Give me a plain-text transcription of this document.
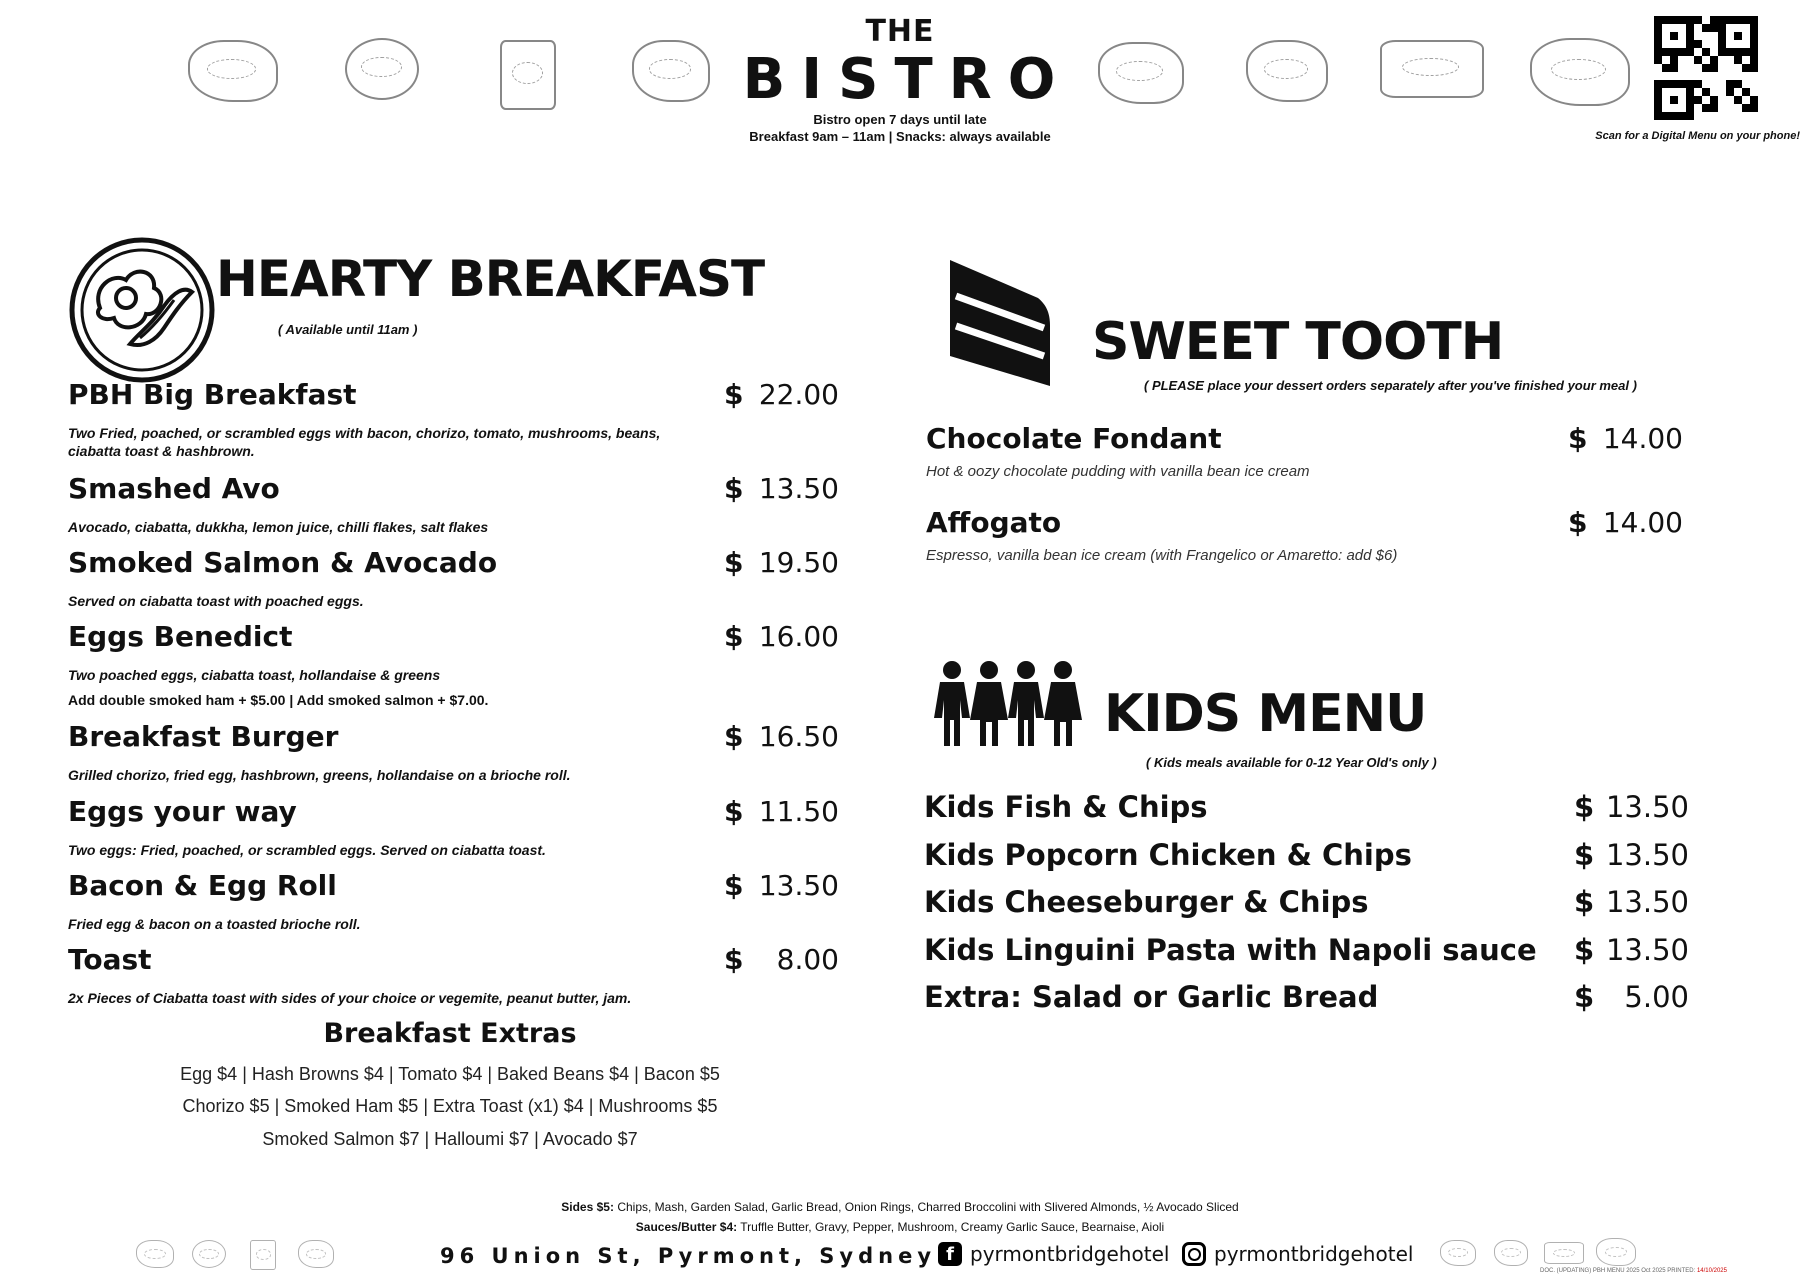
THE
BISTRO
Bistro open 7 days until late
Breakfast 9am – 11am | Snacks: always available	Scan for a Digital Menu on your phone!
HEARTY BREAKFAST
( Available until 11am )
PBH Big Breakfast	$ 22.00
Two Fried, poached, or scrambled eggs with bacon, chorizo, tomato, mushrooms, beans,
ciabatta toast & hashbrown.
Smashed Avo	$ 13.50
Avocado, ciabatta, dukkha, lemon juice, chilli flakes, salt flakes
Smoked Salmon & Avocado	$ 19.50
Served on ciabatta toast with poached eggs.
Eggs Benedict	$ 16.00
Two poached eggs, ciabatta toast, hollandaise & greens
Add double smoked ham + $5.00 | Add smoked salmon + $7.00.
Breakfast Burger	$ 16.50
Grilled chorizo, fried egg, hashbrown, greens, hollandaise on a brioche roll.
Eggs your way	$ 11.50
Two eggs: Fried, poached, or scrambled eggs. Served on ciabatta toast.
Bacon & Egg Roll	$ 13.50
Fried egg & bacon on a toasted brioche roll.
Toast	$ 8.00
2x Pieces of Ciabatta toast with sides of your choice or vegemite, peanut butter, jam.
Breakfast Extras
Egg $4 | Hash Browns $4 | Tomato $4 | Baked Beans $4 | Bacon $5
Chorizo $5 | Smoked Ham $5 | Extra Toast (x1) $4 | Mushrooms $5
Smoked Salmon $7 | Halloumi $7 | Avocado $7
SWEET TOOTH
( PLEASE place your dessert orders separately after you've finished your meal )
Chocolate Fondant	$ 14.00
Hot & oozy chocolate pudding with vanilla bean ice cream
Affogato	$ 14.00
Espresso, vanilla bean ice cream (with Frangelico or Amaretto: add $6)
KIDS MENU
( Kids meals available for 0-12 Year Old's only )
Kids Fish & Chips	$ 13.50
Kids Popcorn Chicken & Chips	$ 13.50
Kids Cheeseburger & Chips	$ 13.50
Kids Linguini Pasta with Napoli sauce $ 13.50
Extra: Salad or Garlic Bread	$ 5.00
Sides $5: Chips, Mash, Garden Salad, Garlic Bread, Onion Rings, Charred Broccolini with Slivered Almonds, ½ Avocado Sliced
Sauces/Butter $4: Truffle Butter, Gravy, Pepper, Mushroom, Creamy Garlic Sauce, Bearnaise, Aioli
96 Union St, Pyrmont, Sydney f pyrmontbridgehotel pyrmontbridgehotel
DOC. (UPDATING) PBH MENU 2025 Oct 2025 PRINTED: 14/10/2025
